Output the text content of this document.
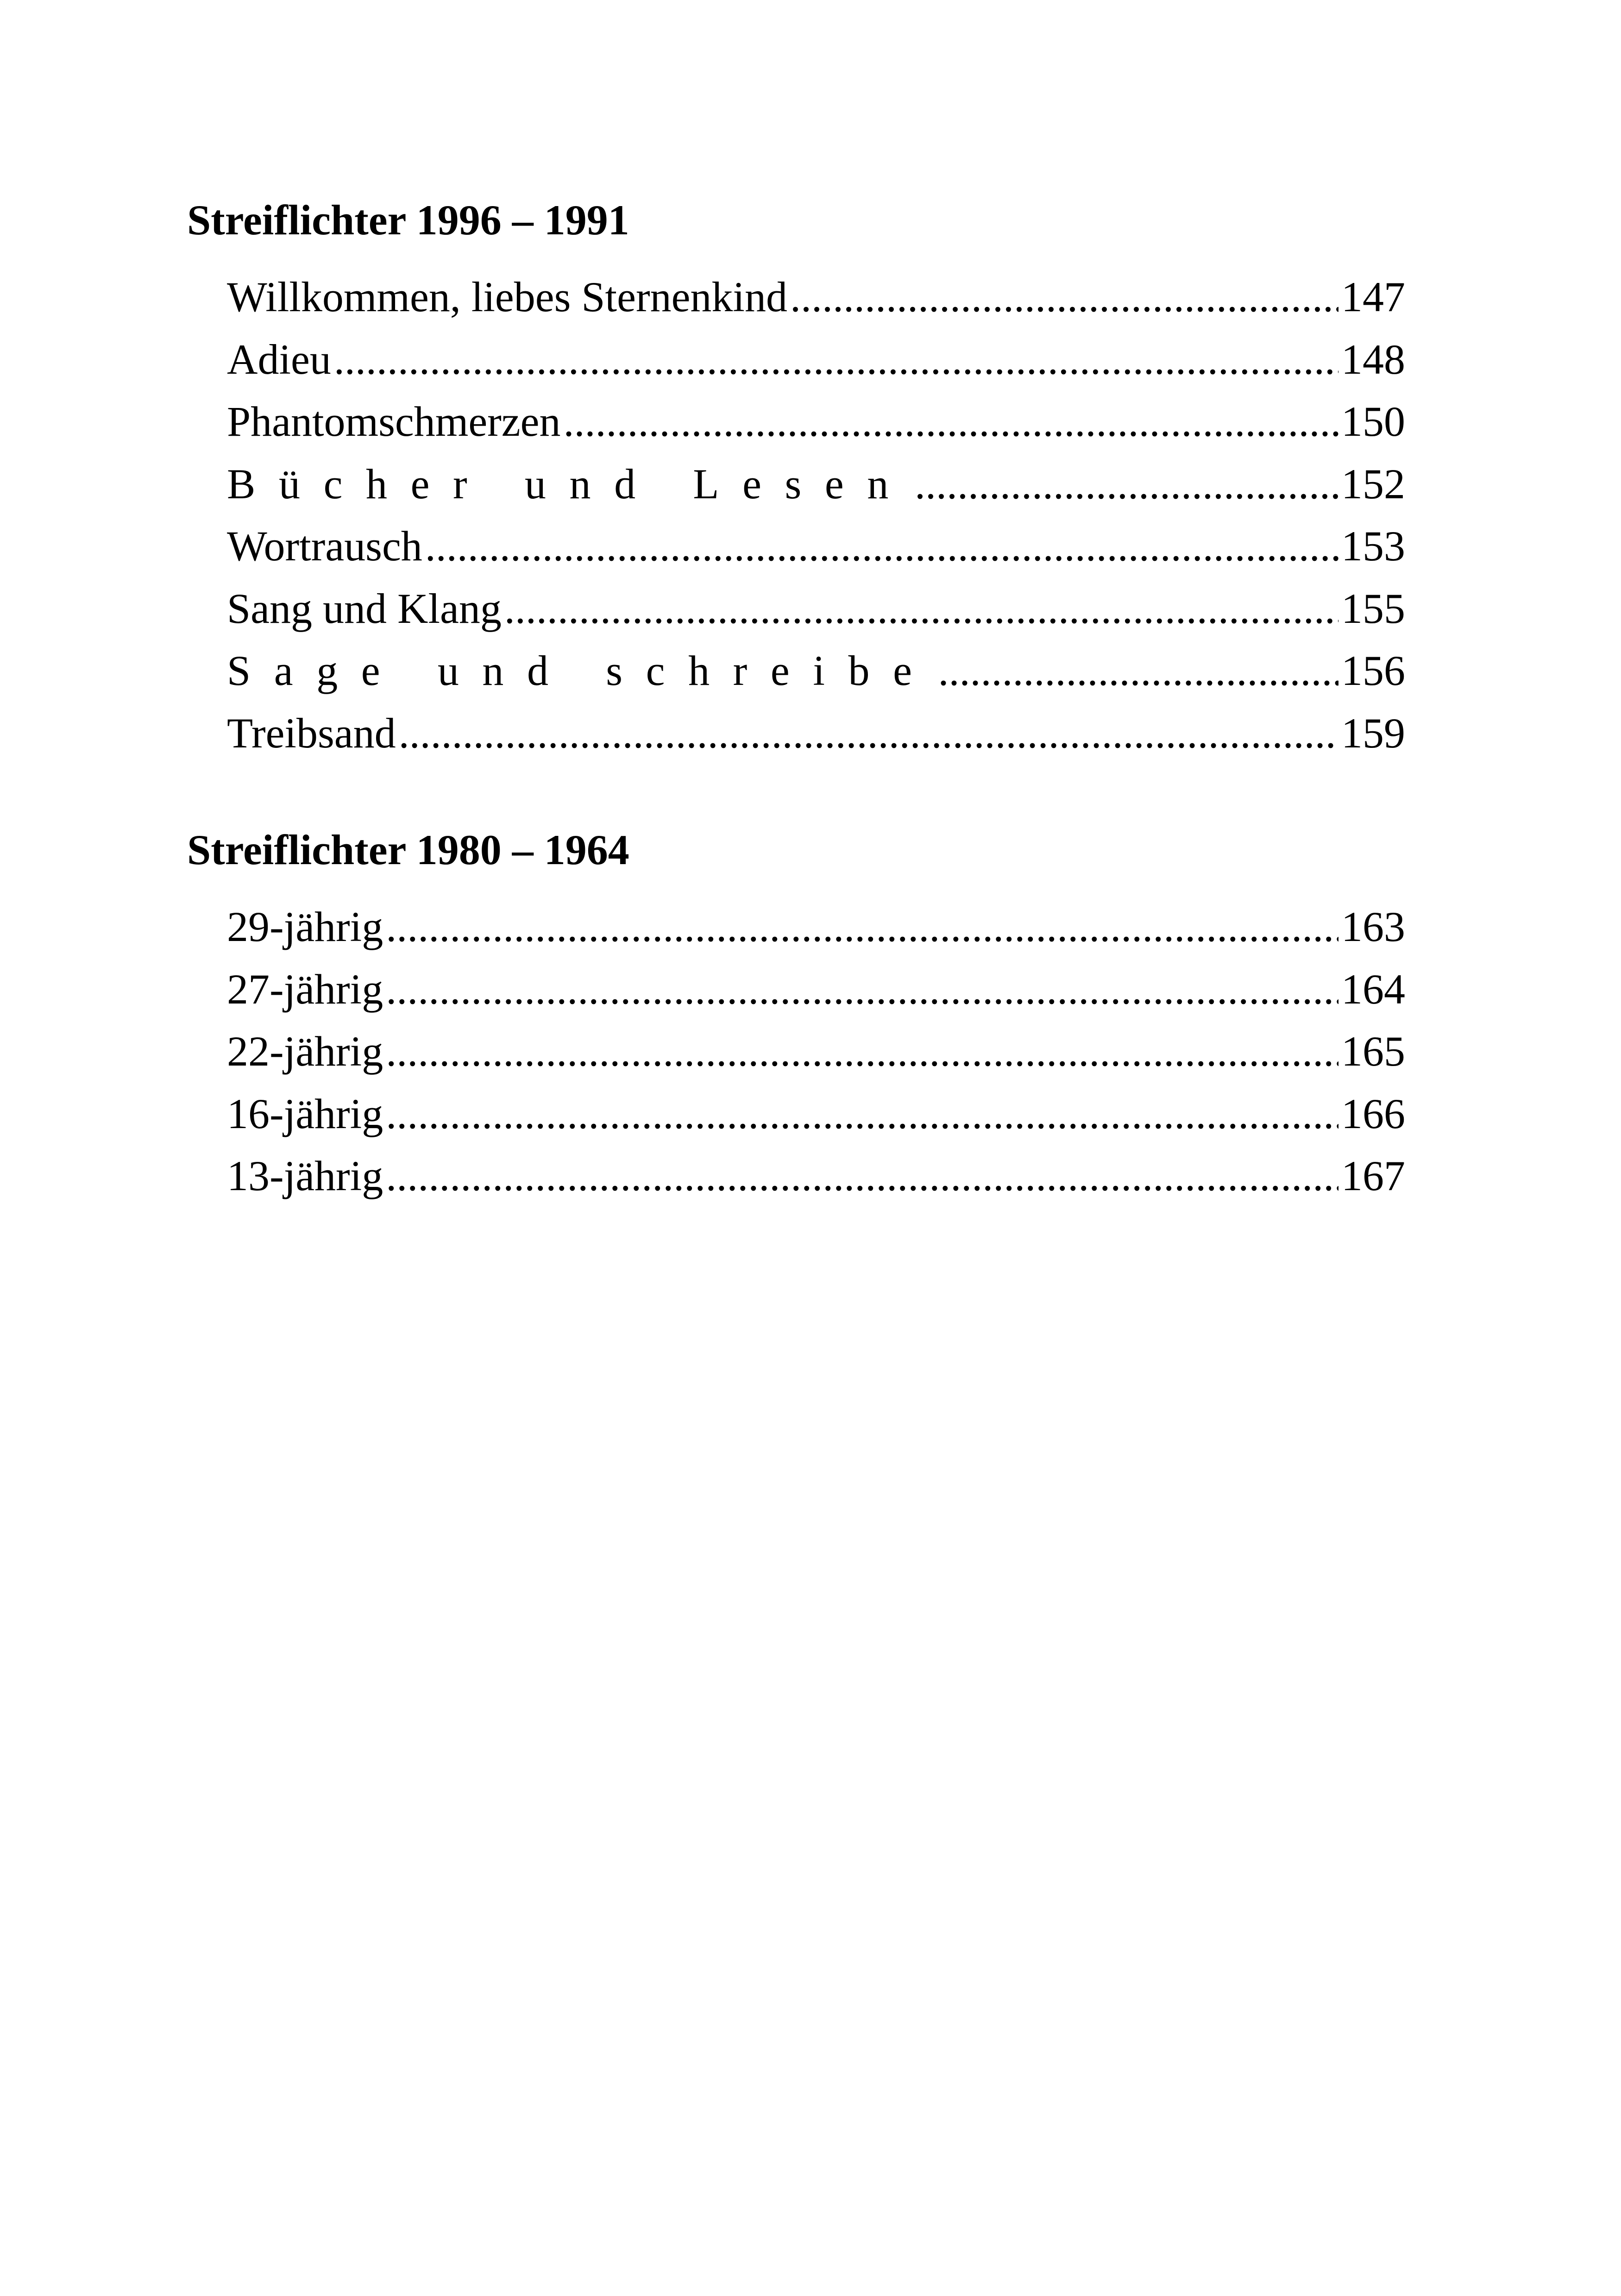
Streiflichter 1996 – 1991
Willkommen, liebes Sternenkind .....	147
Adieu .....	148
Phantomschmerzen .....	150
Bücher und Lesen .....	152
Wortrausch .....	153
Sang und Klang .....	155
Sage und schreibe .....	156
Treibsand .....	159
Streiflichter 1980 – 1964
29-jährig .....	163
27-jährig .....	164
22-jährig .....	165
16-jährig .....	166
13-jährig .....	167
